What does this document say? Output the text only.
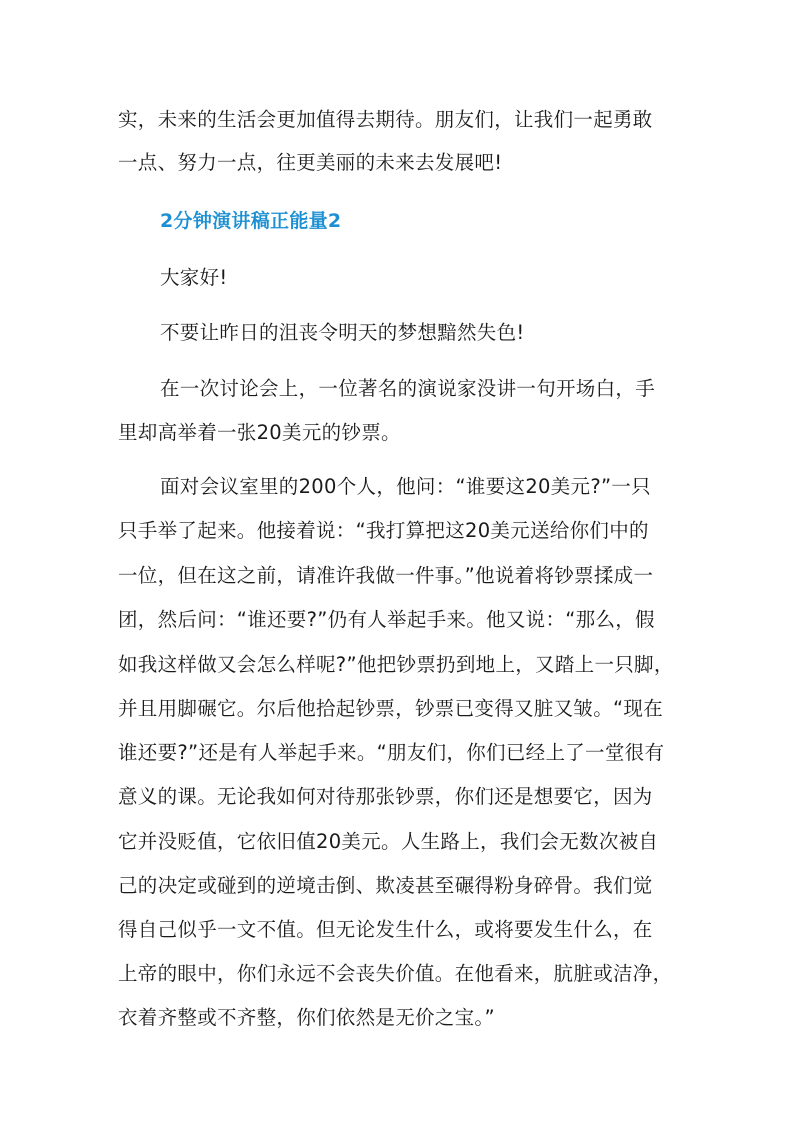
实，未来的生活会更加值得去期待。朋友们，让我们一起勇敢
一点、努力一点，往更美丽的未来去发展吧!
2分钟演讲稿正能量2
大家好!
不要让昨日的沮丧令明天的梦想黯然失色!
在一次讨论会上，一位著名的演说家没讲一句开场白，手
里却高举着一张20美元的钞票。
面对会议室里的200个人，他问：“谁要这20美元?”一只
只手举了起来。他接着说：“我打算把这20美元送给你们中的
一位，但在这之前，请准许我做一件事。”他说着将钞票揉成一
团，然后问：“谁还要?”仍有人举起手来。他又说：“那么，假
如我这样做又会怎么样呢?”他把钞票扔到地上，又踏上一只脚，
并且用脚碾它。尔后他拾起钞票，钞票已变得又脏又皱。“现在
谁还要?”还是有人举起手来。“朋友们，你们已经上了一堂很有
意义的课。无论我如何对待那张钞票，你们还是想要它，因为
它并没贬值，它依旧值20美元。人生路上，我们会无数次被自
己的决定或碰到的逆境击倒、欺凌甚至碾得粉身碎骨。我们觉
得自己似乎一文不值。但无论发生什么，或将要发生什么，在
上帝的眼中，你们永远不会丧失价值。在他看来，肮脏或洁净，
衣着齐整或不齐整，你们依然是无价之宝。”
